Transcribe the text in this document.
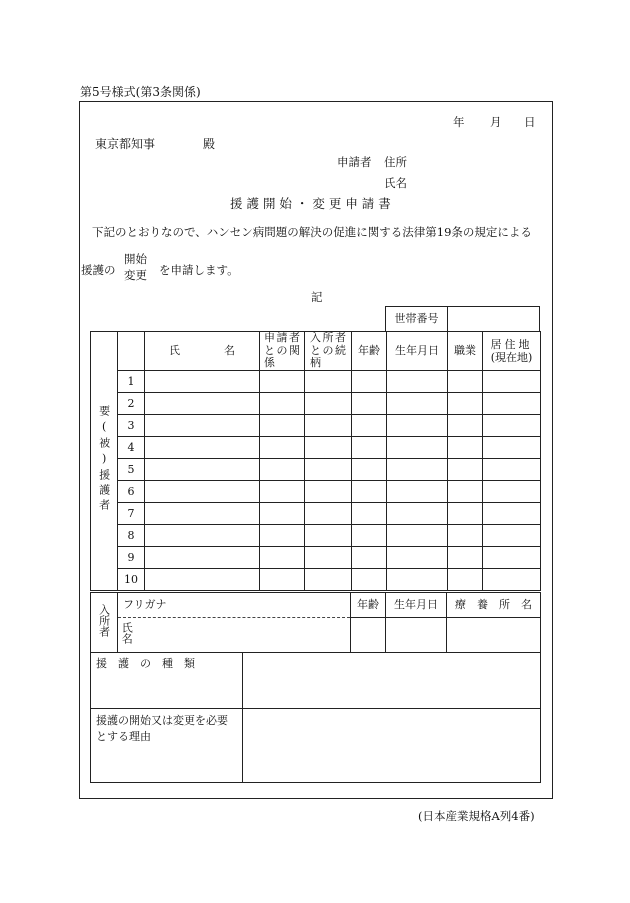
第5号様式(第3条関係)
年 月 日
東京都知事	殿
申請者 住所
氏名
援 護 開 始 ・ 変 更 申 請 書
下記のとおりなので、ハンセン病問題の解決の促進に関する法律第19条の規定による
援護の
開始
変更 を申請します。
記
世帯番号	
要(被)援護者		氏　　　　名	申請者との関係	入所者との続柄	年齢	生年月日	職業	居住地
(現在地)

	1							
	2							
	3							
	4							
	5							
	6							
	7							
	8							
	9							
	10							
入所者	フリガナ	年齢	生年月日	療　養　所　名
	氏名			
援　護　の　種　類	

援護の開始又は変更を必要とする理由	

(日本産業規格A列4番)
